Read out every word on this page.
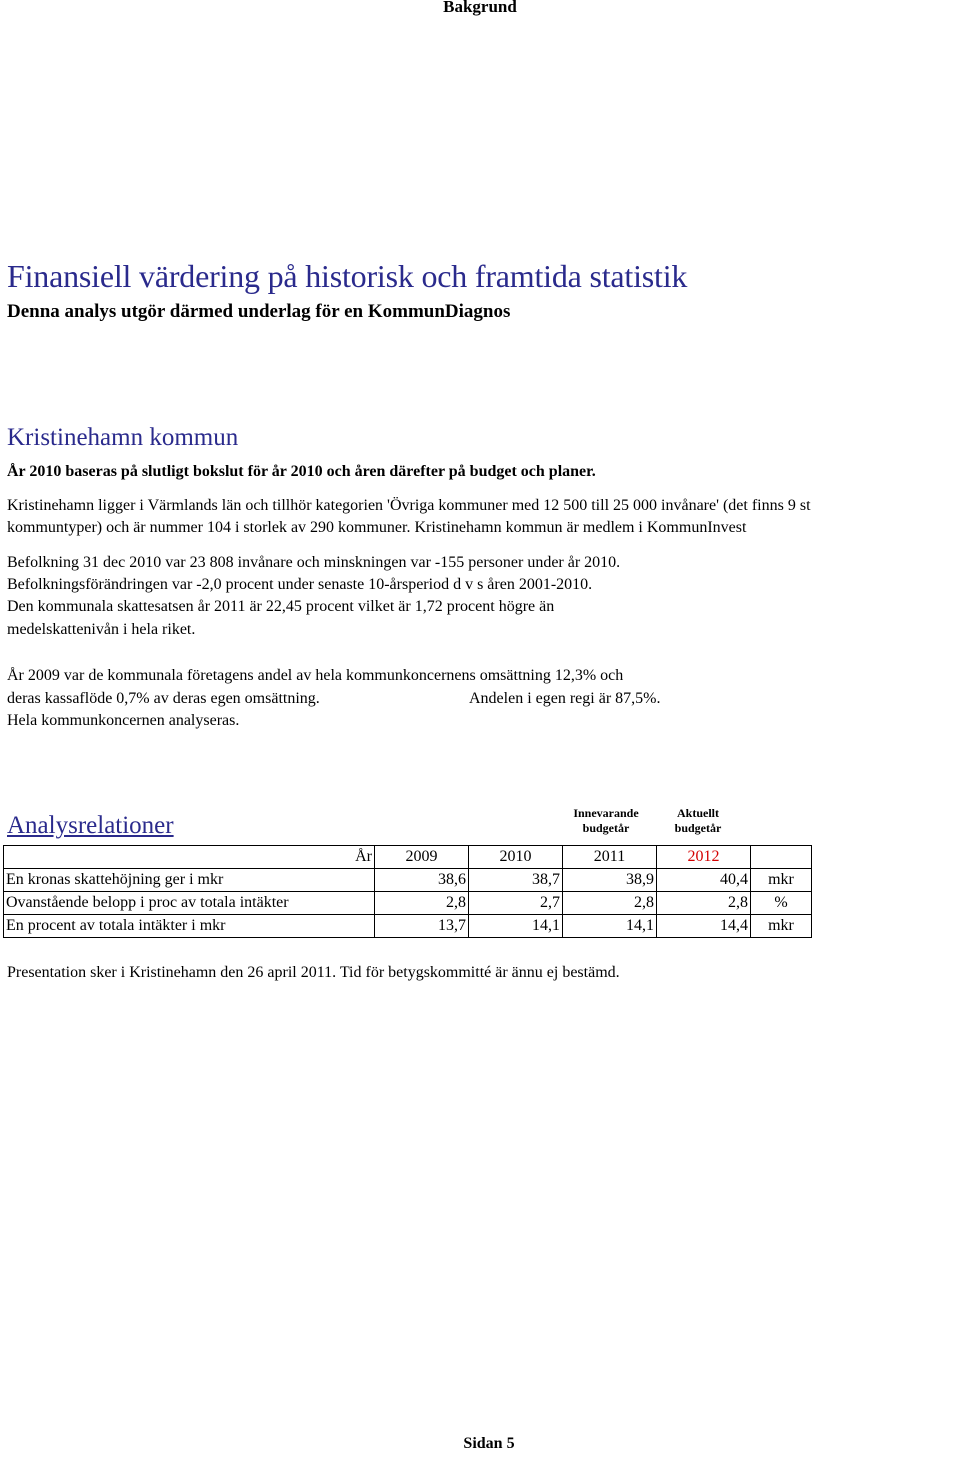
Bakgrund
Finansiell värdering på historisk och framtida statistik
Denna analys utgör därmed underlag för en KommunDiagnos
Kristinehamn kommun
År 2010 baseras på slutligt bokslut för år 2010 och åren därefter på budget och planer.
Kristinehamn ligger i Värmlands län och tillhör kategorien 'Övriga kommuner med 12 500 till 25 000 invånare' (det finns 9 st
kommuntyper) och är nummer 104 i storlek av 290 kommuner. Kristinehamn kommun är medlem i KommunInvest
Befolkning 31 dec 2010 var 23 808 invånare och minskningen var -155 personer under år 2010.
Befolkningsförändringen var -2,0 procent under senaste 10-årsperiod d v s åren 2001-2010.
Den kommunala skattesatsen år 2011 är 22,45 procent vilket är 1,72 procent högre än
medelskattenivån i hela riket.
År 2009 var de kommunala företagens andel av hela kommunkoncernens omsättning 12,3% och
deras kassaflöde 0,7% av deras egen omsättning.	Andelen i egen regi är 87,5%.
Hela kommunkoncernen analyseras.
Analysrelationer	Innevarande
budgetår
Aktuellt
budgetår
År	2009	2010	2011	2012	
En kronas skattehöjning ger i mkr	38,6	38,7	38,9	40,4	mkr
Ovanstående belopp i proc av totala intäkter	2,8	2,7	2,8	2,8	%
En procent av totala intäkter i mkr	13,7	14,1	14,1	14,4	mkr
Presentation sker i Kristinehamn den 26 april 2011. Tid för betygskommitté är ännu ej bestämd.
Sidan 5
